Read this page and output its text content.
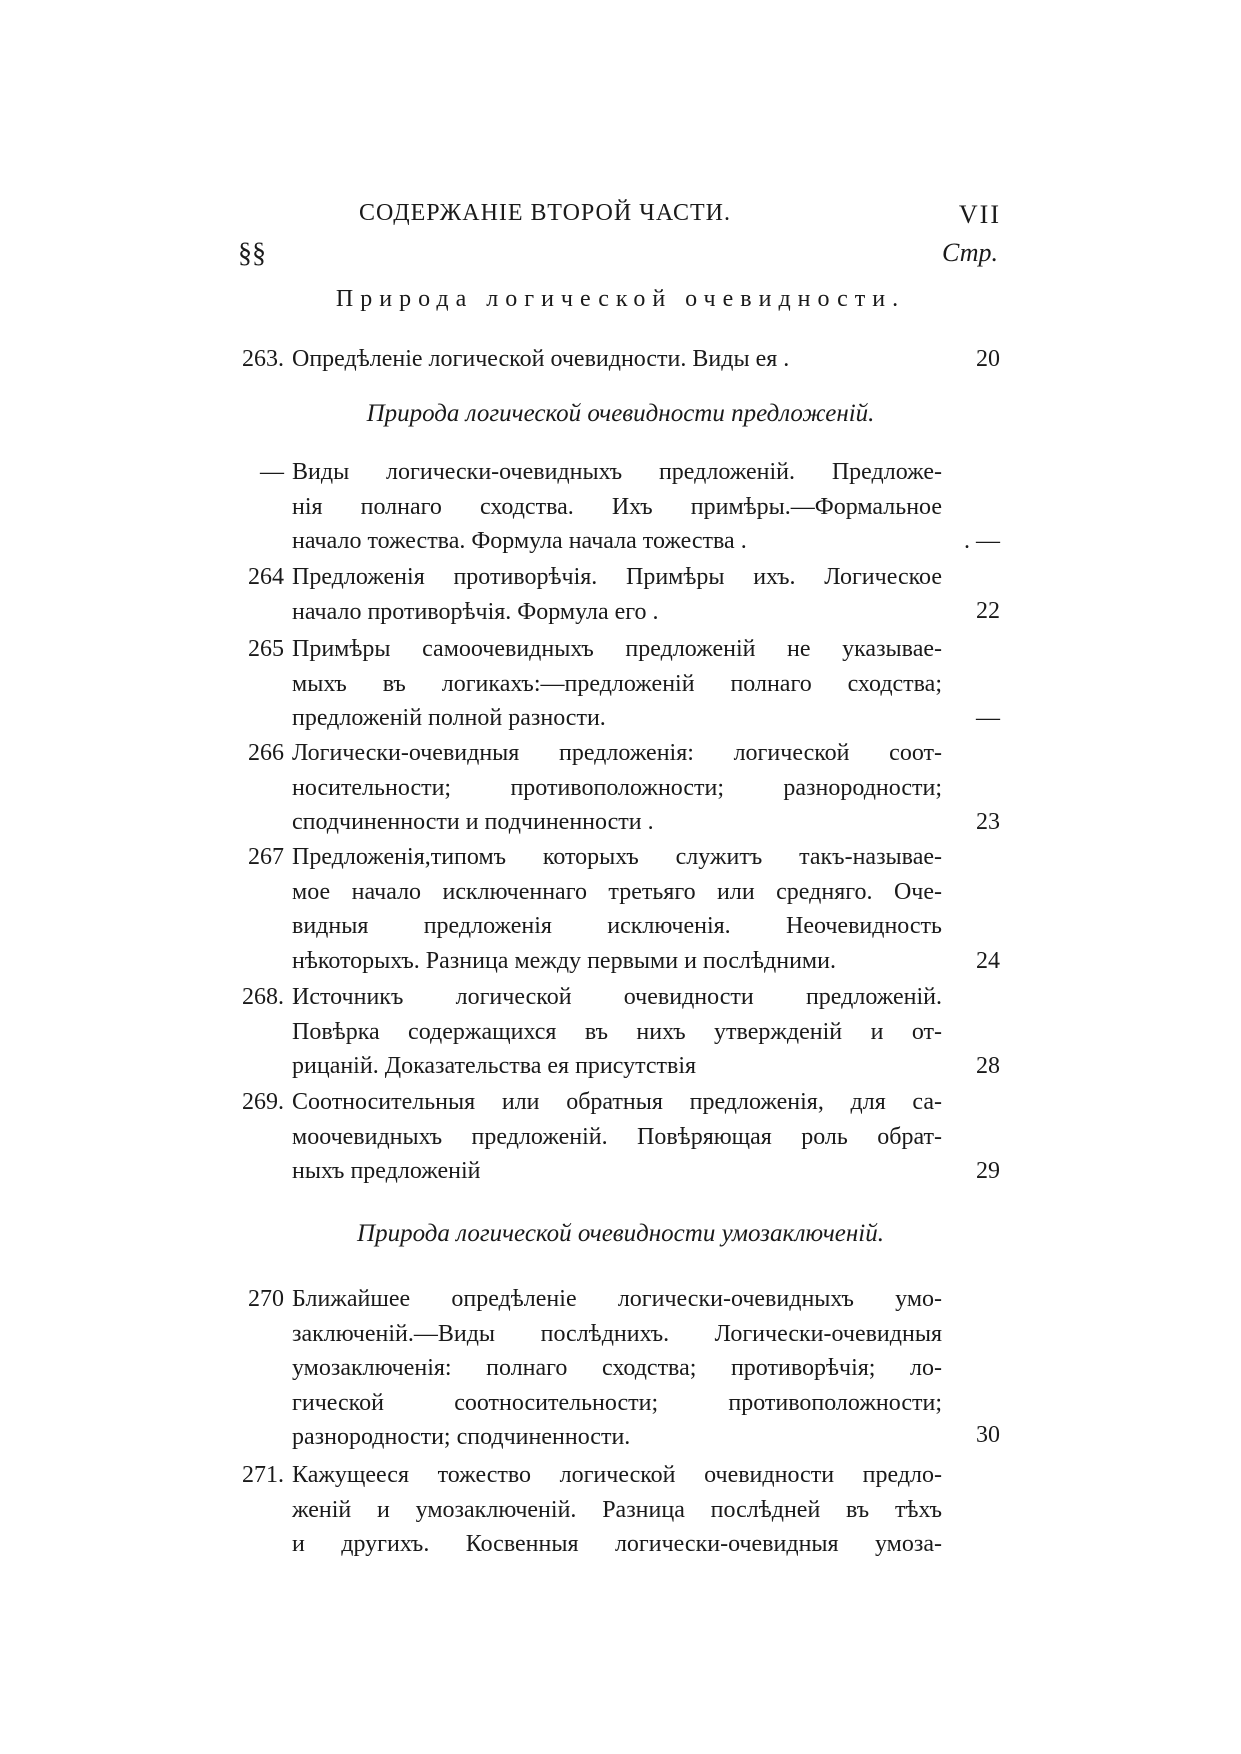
СОДЕРЖАНІЕ ВТОРОЙ ЧАСТИ.	VII
§§	Стр.
Природа логической очевидности.
263. Опредѣленіе логической очевидности. Виды ея .	20
Природа логической очевидности предложеній.
— Виды логически-очевидныхъ предложеній. Предложе-
нія полнаго сходства. Ихъ примѣры.—Формальное
начало тожества. Формула начала тожества .	. —
264 Предложенія противорѣчія. Примѣры ихъ. Логическое
начало противорѣчія. Формула его .	22
265 Примѣры самоочевидныхъ предложеній не указывае-
мыхъ въ логикахъ:—предложеній полнаго сходства;
предложеній полной разности.	—
266 Логически-очевидныя предложенія: логической соот-
носительности; противоположности; разнородности;
сподчиненности и подчиненности .	23
267 Предложенія,типомъ которыхъ служитъ такъ-называе-
мое начало исключеннаго третьяго или средняго. Оче-
видныя предложенія исключенія. Неочевидность
нѣкоторыхъ. Разница между первыми и послѣдними.	24
268. Источникъ логической очевидности предложеній.
Повѣрка содержащихся въ нихъ утвержденій и от-
рицаній. Доказательства ея присутствія	28
269. Соотносительныя или обратныя предложенія, для са-
моочевидныхъ предложеній. Повѣряющая роль обрат-
ныхъ предложеній	29
Природа логической очевидности умозаключеній.
270 Ближайшее опредѣленіе логически-очевидныхъ умо-
заключеній.—Виды послѣднихъ. Логически-очевидныя
умозаключенія: полнаго сходства; противорѣчія; ло-
гической соотносительности; противоположности;
разнородности; сподчиненности.	30
271. Кажущееся тожество логической очевидности предло-
женій и умозаключеній. Разница послѣдней въ тѣхъ
и другихъ. Косвенныя логически-очевидныя умоза-
